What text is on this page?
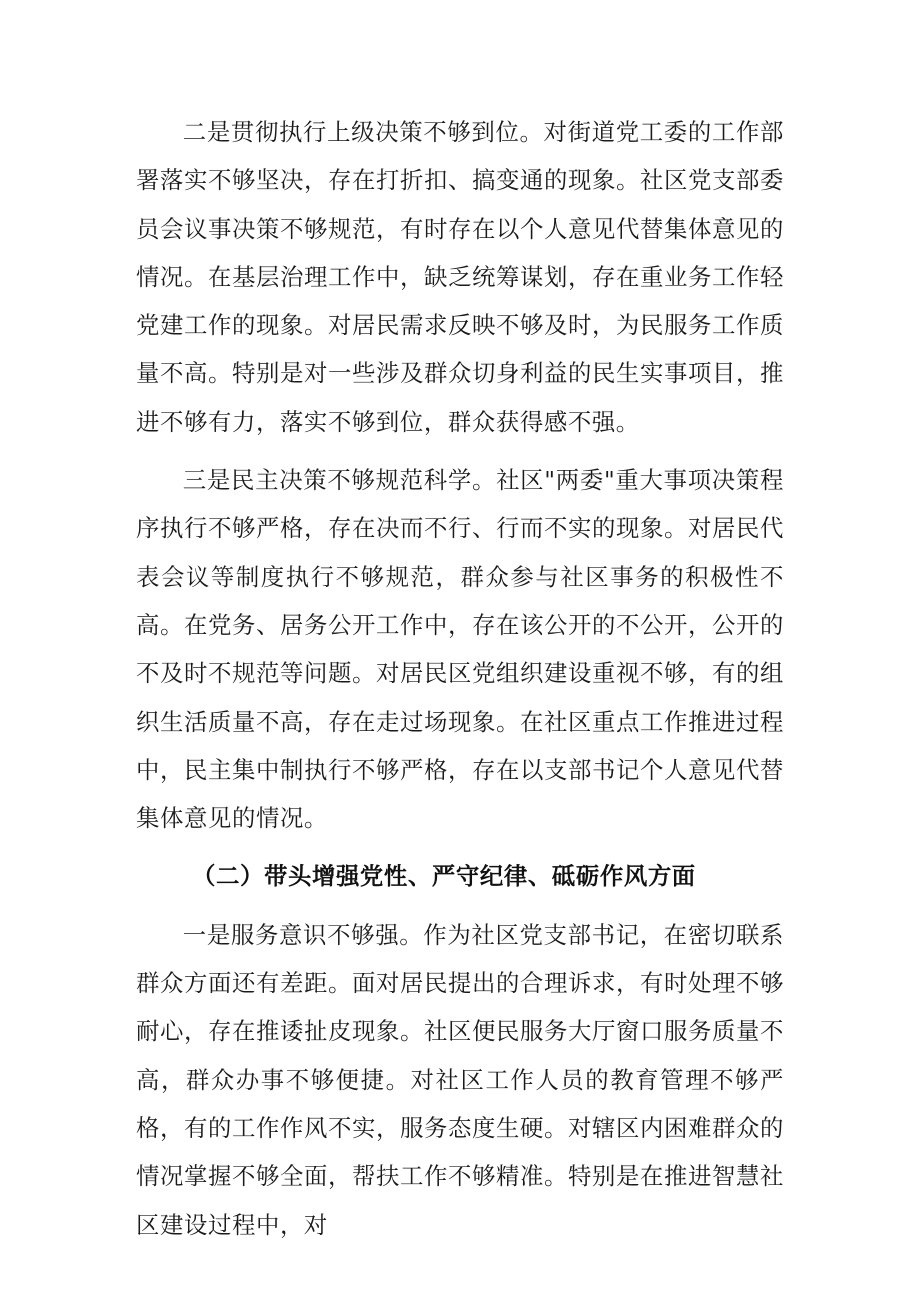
二是贯彻执行上级决策不够到位。对街道党工委的工作部署落实不够坚决，存在打折扣、搞变通的现象。社区党支部委员会议事决策不够规范，有时存在以个人意见代替集体意见的情况。在基层治理工作中，缺乏统筹谋划，存在重业务工作轻党建工作的现象。对居民需求反映不够及时，为民服务工作质量不高。特别是对一些涉及群众切身利益的民生实事项目，推进不够有力，落实不够到位，群众获得感不强。

三是民主决策不够规范科学。社区"两委"重大事项决策程序执行不够严格，存在决而不行、行而不实的现象。对居民代表会议等制度执行不够规范，群众参与社区事务的积极性不高。在党务、居务公开工作中，存在该公开的不公开，公开的不及时不规范等问题。对居民区党组织建设重视不够，有的组织生活质量不高，存在走过场现象。在社区重点工作推进过程中，民主集中制执行不够严格，存在以支部书记个人意见代替集体意见的情况。

（二）带头增强党性、严守纪律、砥砺作风方面

一是服务意识不够强。作为社区党支部书记，在密切联系群众方面还有差距。面对居民提出的合理诉求，有时处理不够耐心，存在推诿扯皮现象。社区便民服务大厅窗口服务质量不高，群众办事不够便捷。对社区工作人员的教育管理不够严格，有的工作作风不实，服务态度生硬。对辖区内困难群众的情况掌握不够全面，帮扶工作不够精准。特别是在推进智慧社区建设过程中，对
